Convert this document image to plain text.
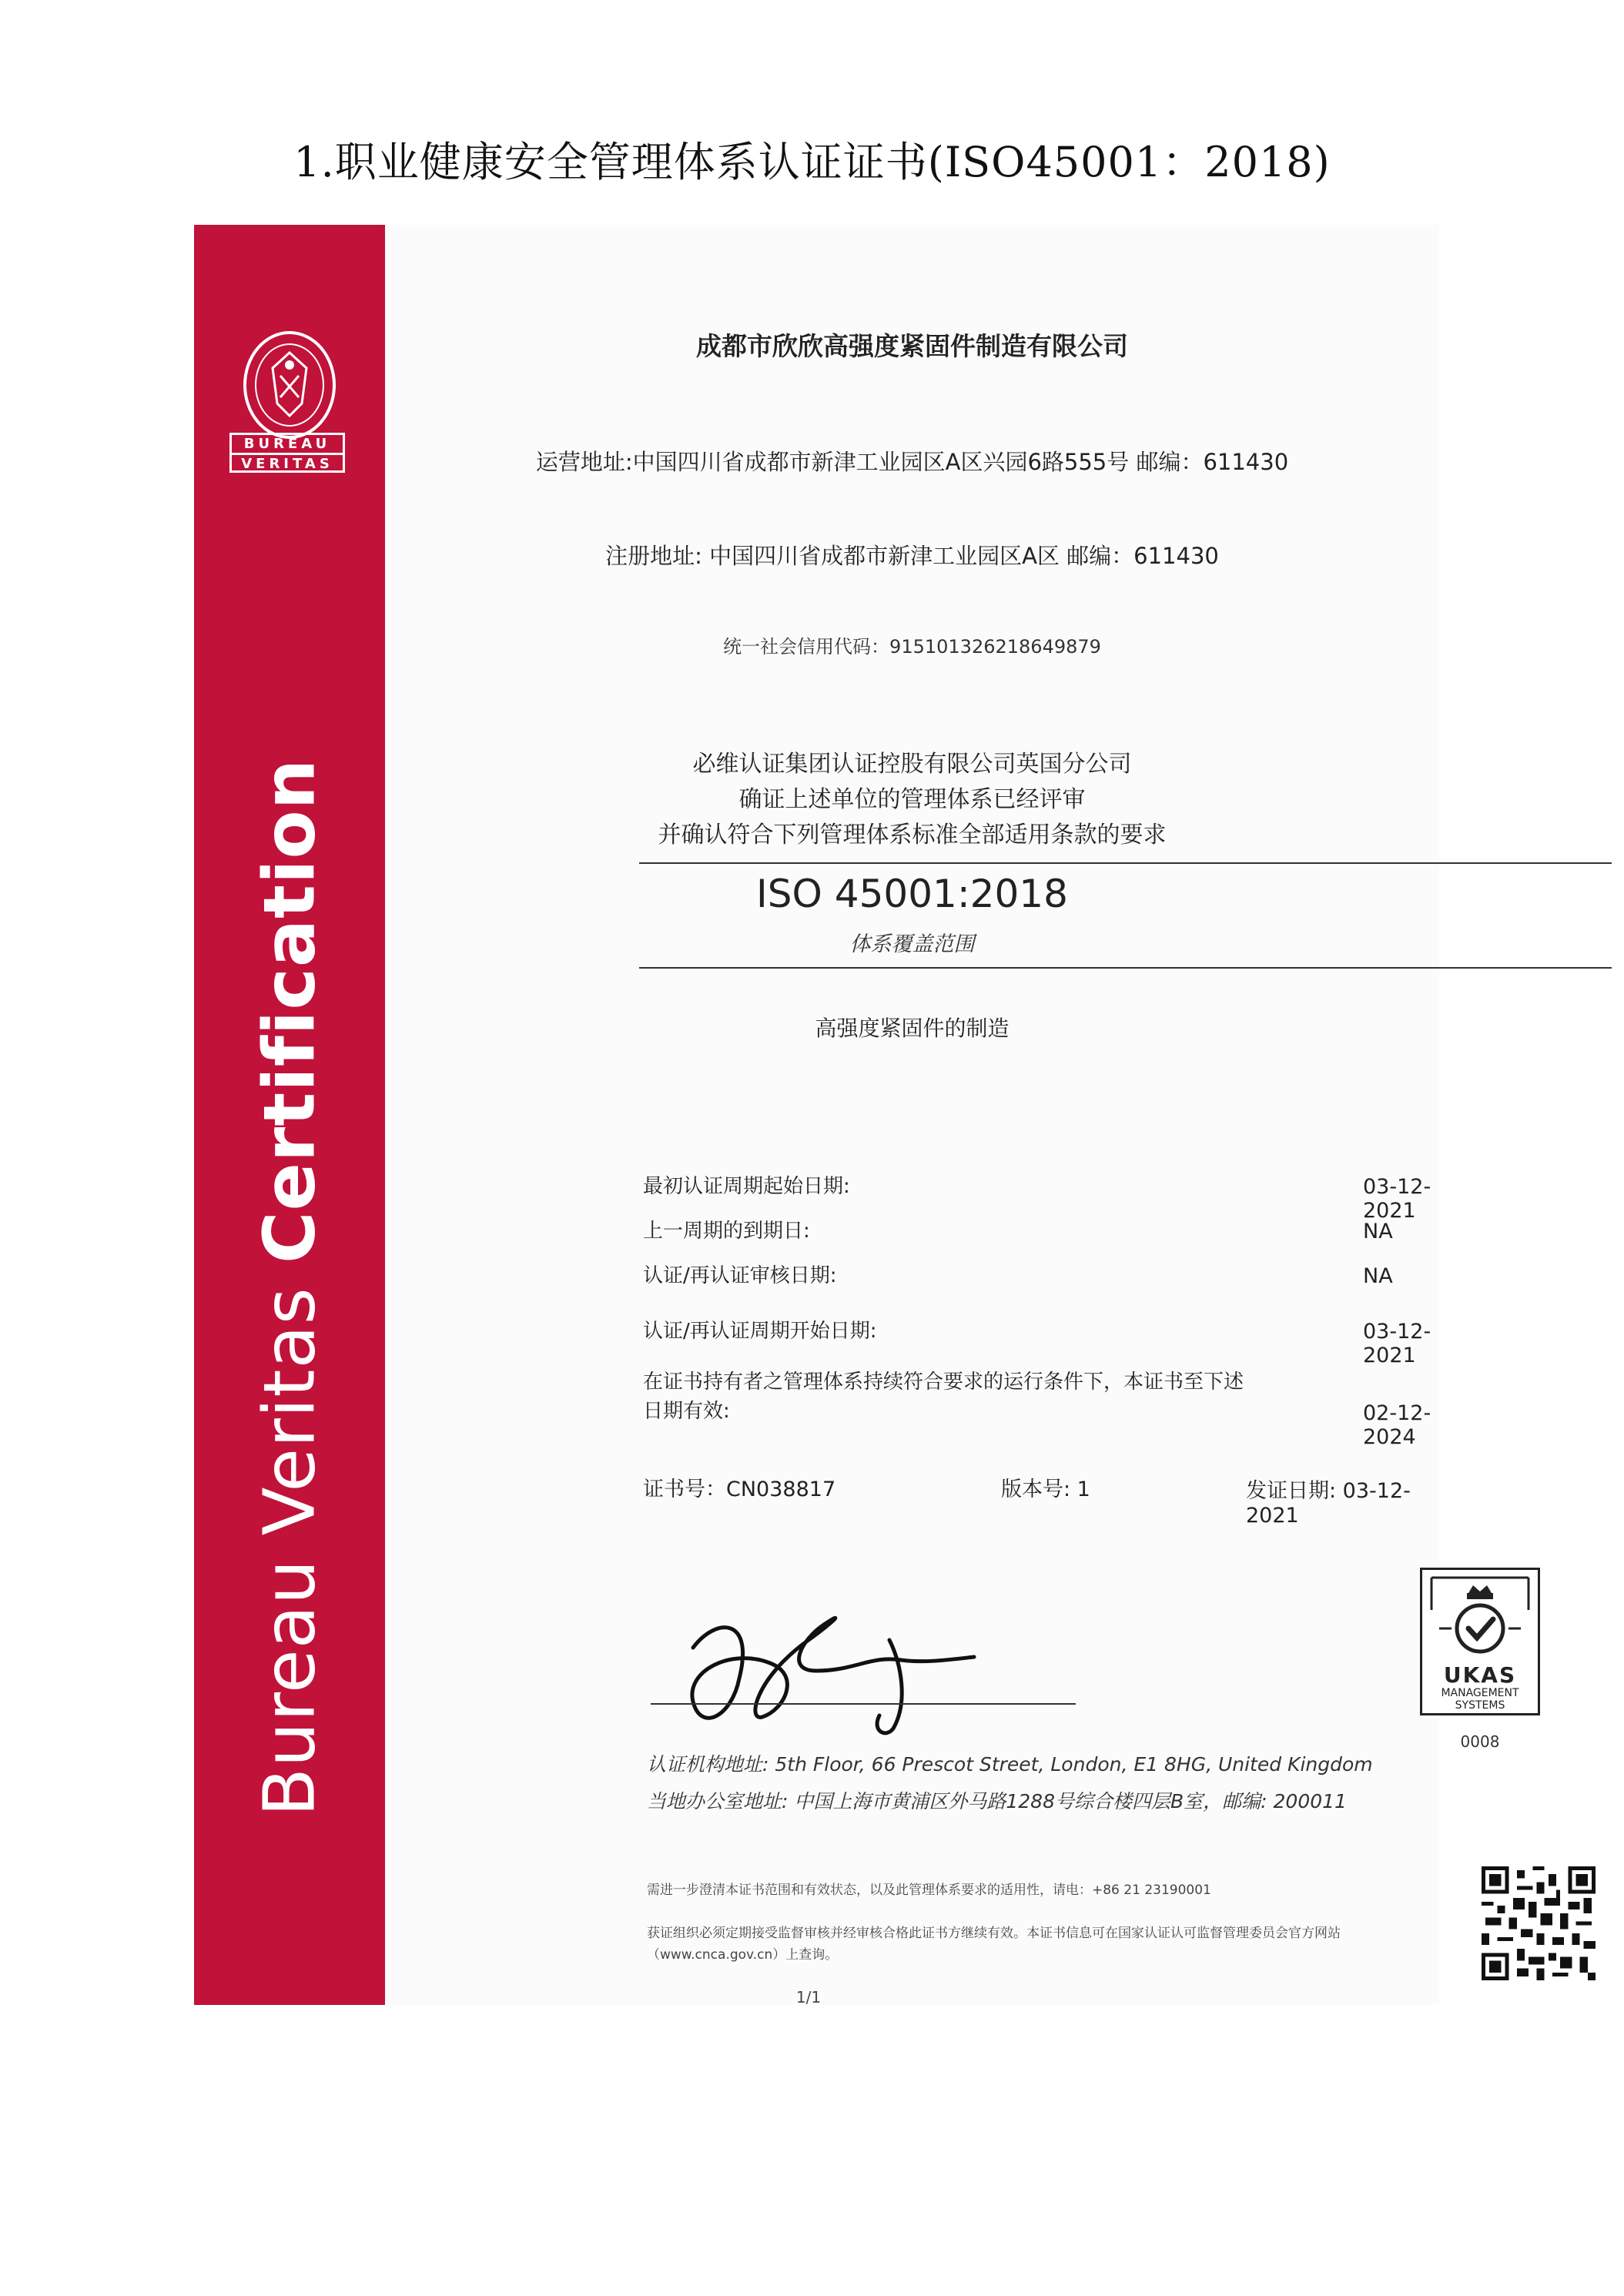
1.职业健康安全管理体系认证证书(ISO45001：2018)
BUREAU
VERITAS
Bureau Veritas Certification
成都市欣欣高强度紧固件制造有限公司
运营地址:中国四川省成都市新津工业园区A区兴园6路555号 邮编：611430
注册地址: 中国四川省成都市新津工业园区A区 邮编：611430
统一社会信用代码：915101326218649879
必维认证集团认证控股有限公司英国分公司
确证上述单位的管理体系已经评审
并确认符合下列管理体系标准全部适用条款的要求
ISO 45001:2018
体系覆盖范围
高强度紧固件的制造
最初认证周期起始日期:	03-12-2021
上一周期的到期日:	NA
认证/再认证审核日期:	NA
认证/再认证周期开始日期:	03-12-2021
在证书持有者之管理体系持续符合要求的运行条件下，本证书至下述
日期有效:	02-12-2024
证书号：CN038817	版本号: 1	发证日期: 03-12-2021
UKAS
MANAGEMENT
SYSTEMS
0008
认证机构地址: 5th Floor, 66 Prescot Street, London, E1 8HG, United Kingdom
当地办公室地址: 中国上海市黄浦区外马路1288号综合楼四层B室，邮编: 200011
需进一步澄清本证书范围和有效状态，以及此管理体系要求的适用性，请电：+86 21 23190001
获证组织必须定期接受监督审核并经审核合格此证书方继续有效。本证书信息可在国家认证认可监督管理委员会官方网站
（www.cnca.gov.cn）上查询。
1/1
